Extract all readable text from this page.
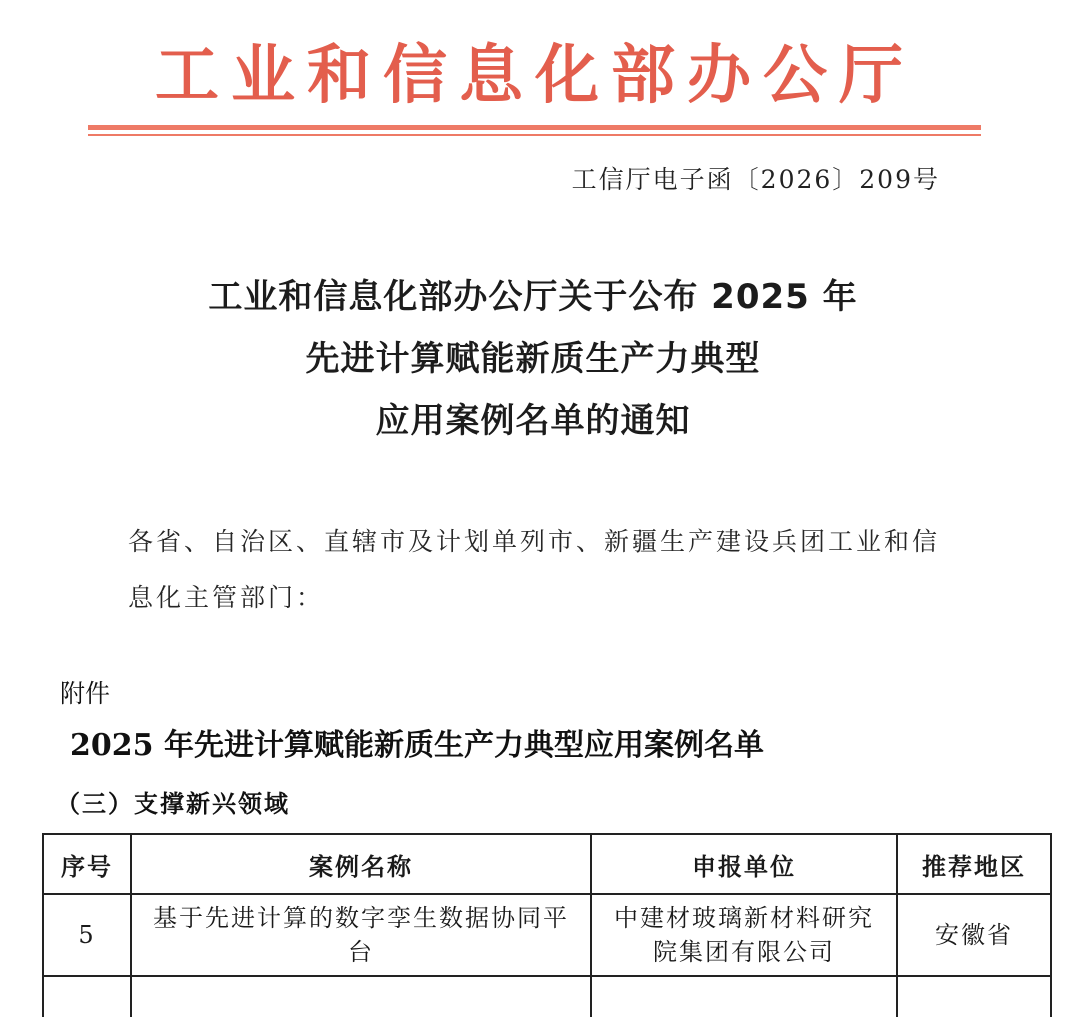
工业和信息化部办公厅
工信厅电子函〔2026〕209号
工业和信息化部办公厅关于公布 2025 年
先进计算赋能新质生产力典型
应用案例名单的通知
各省、自治区、直辖市及计划单列市、新疆生产建设兵团工业和信息化主管部门：
附件
2025 年先进计算赋能新质生产力典型应用案例名单
（三）支撑新兴领域
序号	案例名称	申报单位	推荐地区
5	基于先进计算的数字孪生数据协同平台	中建材玻璃新材料研究院集团有限公司	安徽省
